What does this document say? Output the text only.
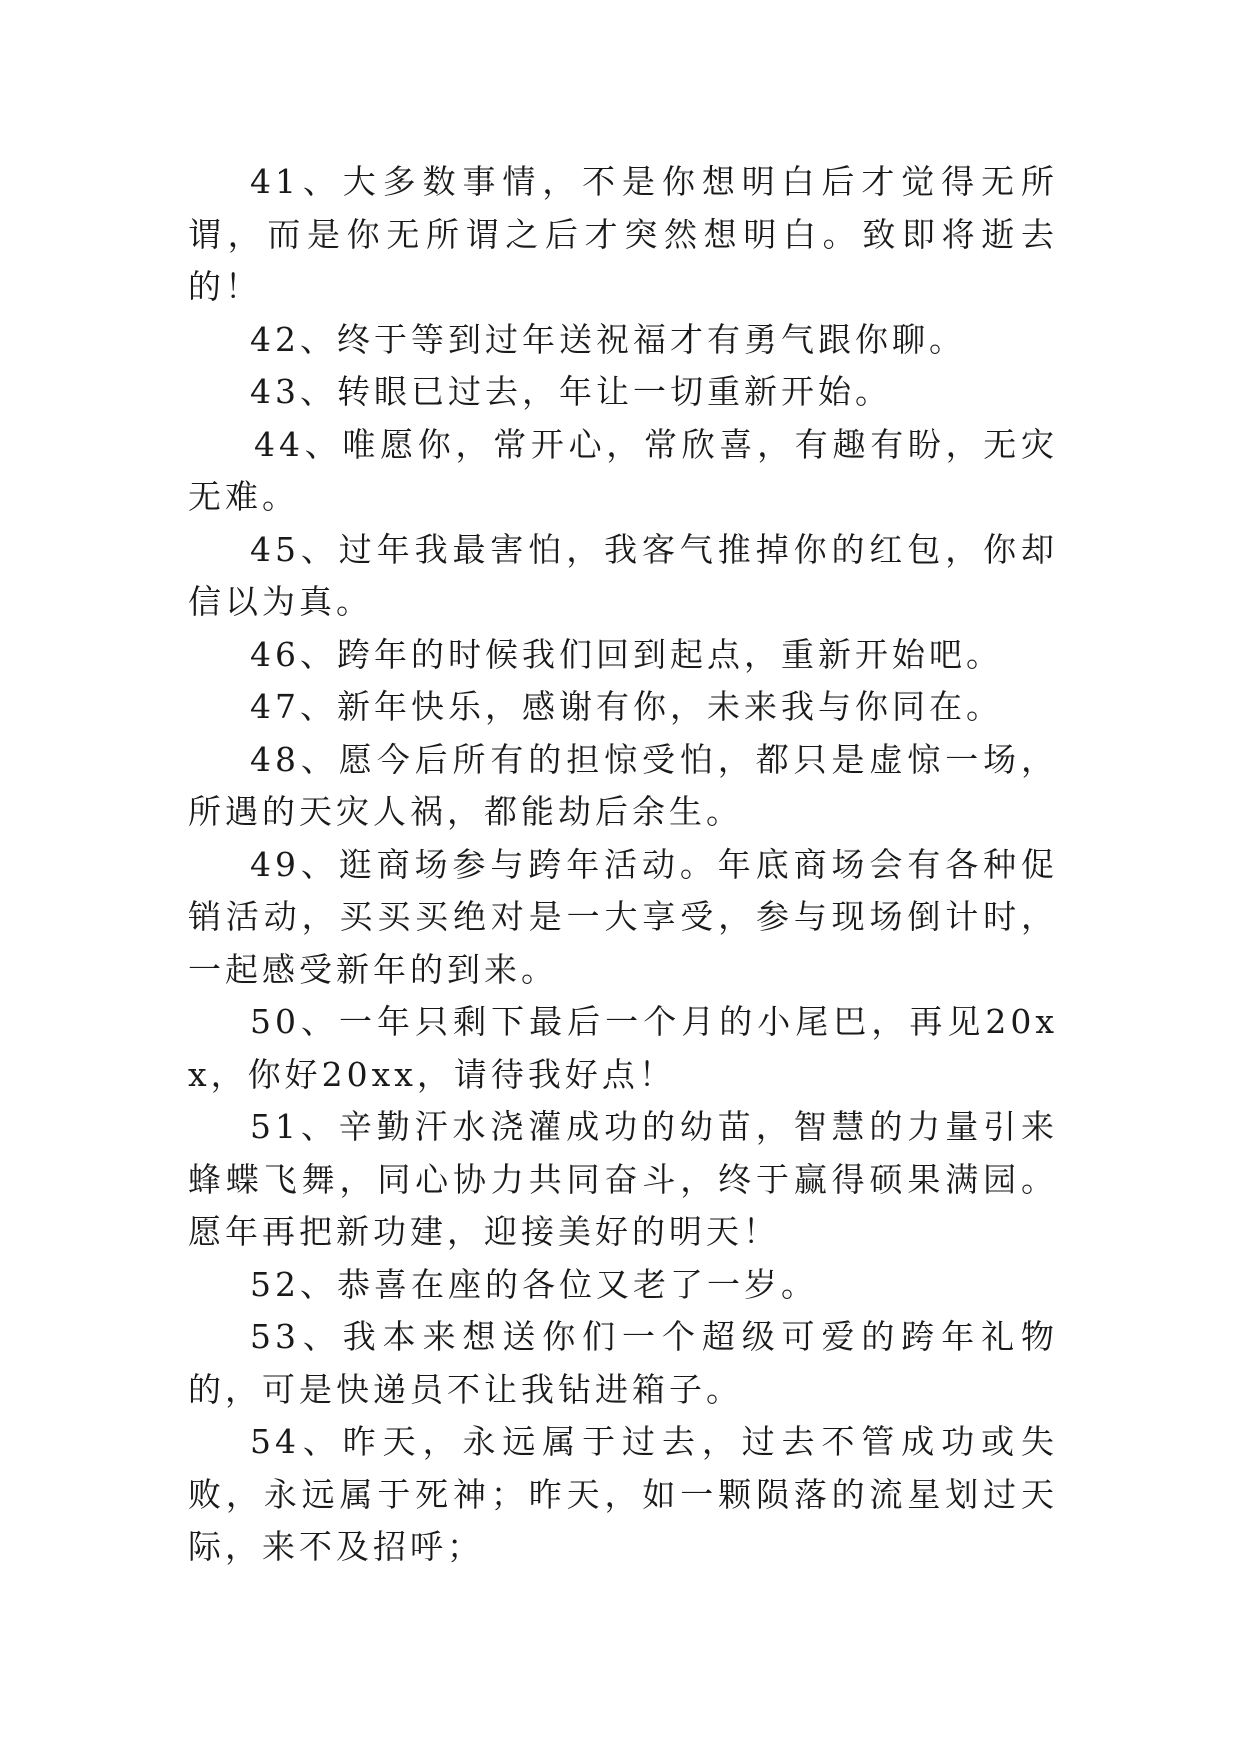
41、大多数事情，不是你想明白后才觉得无所谓，而是你无所谓之后才突然想明白。致即将逝去的！

42、终于等到过年送祝福才有勇气跟你聊。

43、转眼已过去，年让一切重新开始。

44、唯愿你，常开心，常欣喜，有趣有盼，无灾无难。

45、过年我最害怕，我客气推掉你的红包，你却信以为真。

46、跨年的时候我们回到起点，重新开始吧。

47、新年快乐，感谢有你，未来我与你同在。

48、愿今后所有的担惊受怕，都只是虚惊一场，所遇的天灾人祸，都能劫后余生。

49、逛商场参与跨年活动。年底商场会有各种促销活动，买买买绝对是一大享受，参与现场倒计时，一起感受新年的到来。

50、一年只剩下最后一个月的小尾巴，再见20xx，你好20xx，请待我好点！

51、辛勤汗水浇灌成功的幼苗，智慧的力量引来蜂蝶飞舞，同心协力共同奋斗，终于赢得硕果满园。愿年再把新功建，迎接美好的明天！

52、恭喜在座的各位又老了一岁。

53、我本来想送你们一个超级可爱的跨年礼物的，可是快递员不让我钻进箱子。

54、昨天，永远属于过去，过去不管成功或失败，永远属于死神；昨天，如一颗陨落的流星划过天际，来不及招呼；
